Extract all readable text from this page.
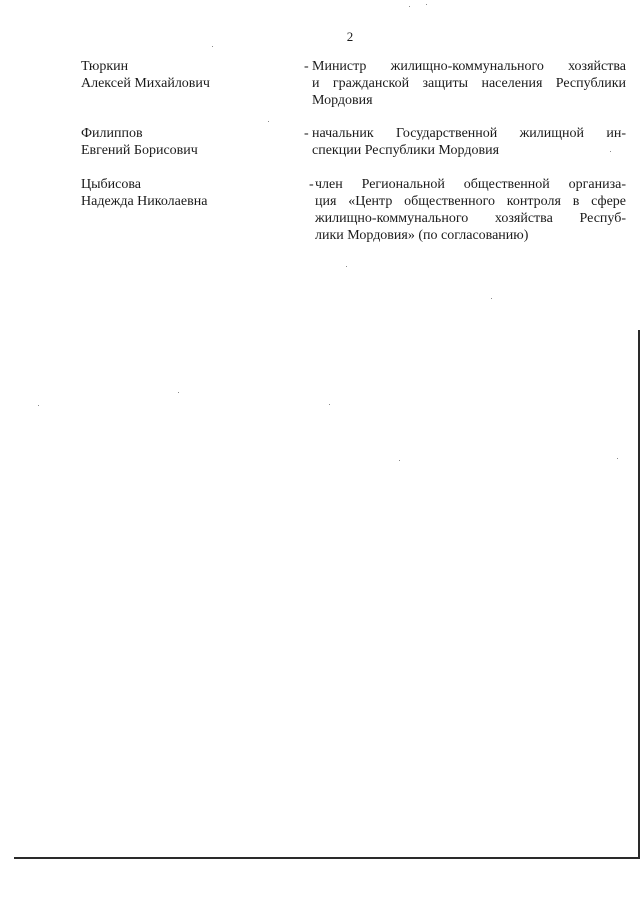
2
Тюркин
Алексей Михайлович
- Министр жилищно-коммунального хозяйства
и гражданской защиты населения Республики
Мордовия
Филиппов
Евгений Борисович
- начальник Государственной жилищной ин-
спекции Республики Мордовия
Цыбисова
Надежда Николаевна
- член Региональной общественной организа-
ция «Центр общественного контроля в сфере
жилищно-коммунального хозяйства Респуб-
лики Мордовия» (по согласованию)
